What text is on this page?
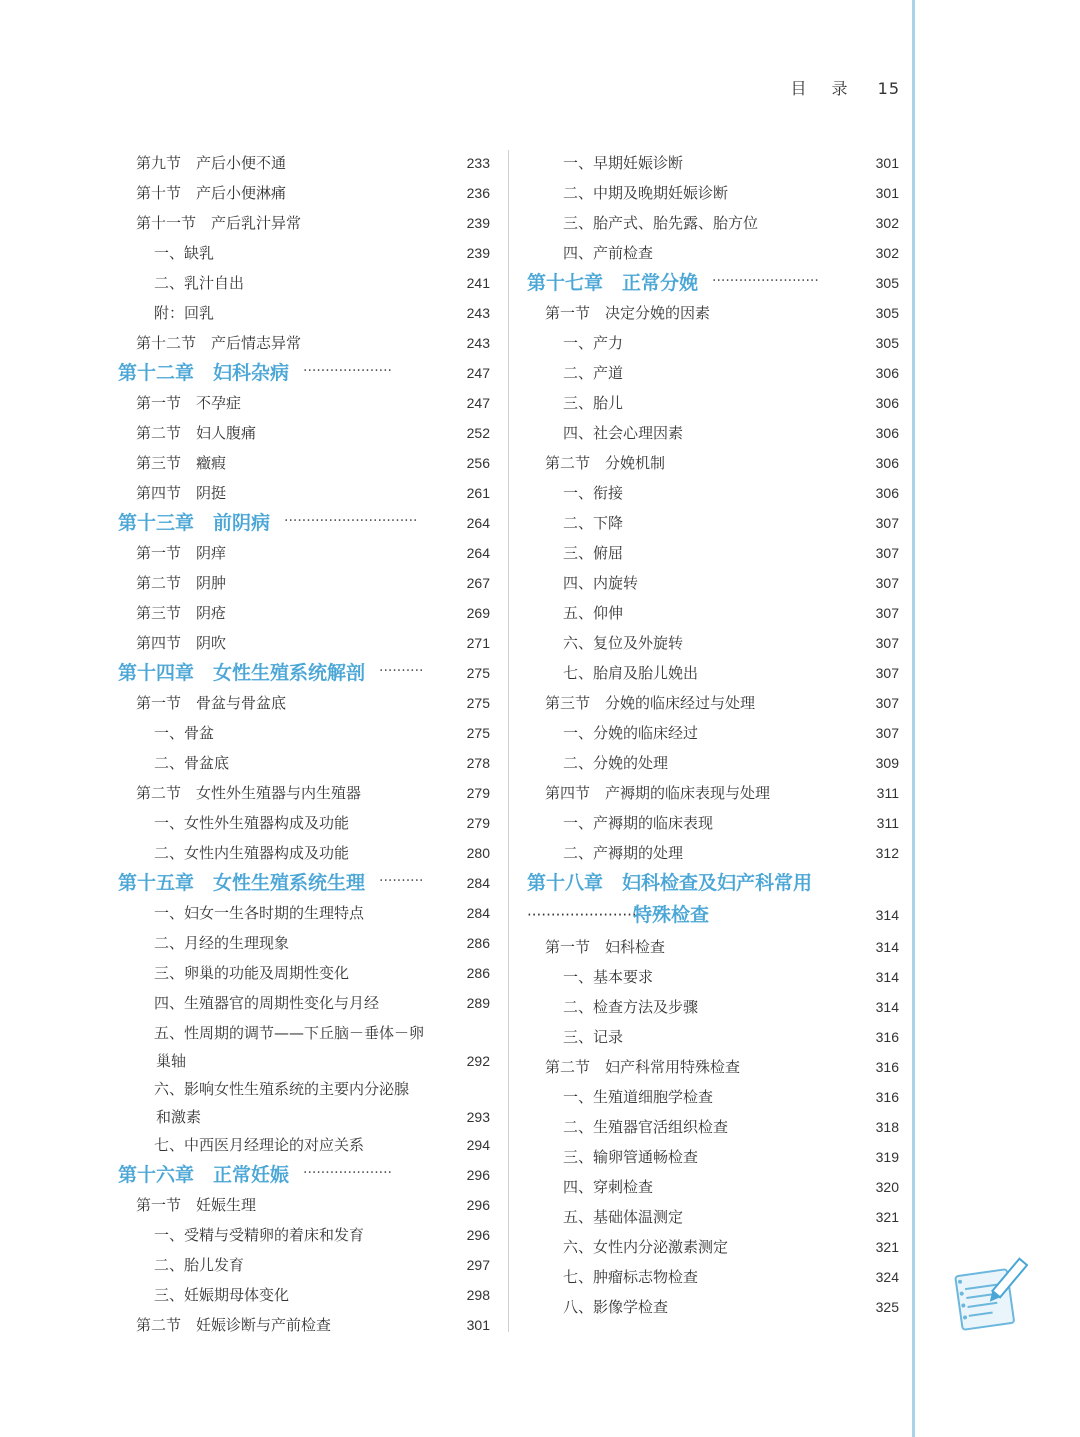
目 录 15
第九节　产后小便不通	233
第十节　产后小便淋痛	236
第十一节　产后乳汁异常	239
一、缺乳	239
二、乳汁自出	241
附：回乳	243
第十二节　产后情志异常	243
第十二章　妇科杂病 ····················	247
第一节　不孕症	247
第二节　妇人腹痛	252
第三节　癥瘕	256
第四节　阴挺	261
第十三章　前阴病 ······························	264
第一节　阴痒	264
第二节　阴肿	267
第三节　阴疮	269
第四节　阴吹	271
第十四章　女性生殖系统解剖 ··········	275
第一节　骨盆与骨盆底	275
一、骨盆	275
二、骨盆底	278
第二节　女性外生殖器与内生殖器	279
一、女性外生殖器构成及功能	279
二、女性内生殖器构成及功能	280
第十五章　女性生殖系统生理 ··········	284
一、妇女一生各时期的生理特点	284
二、月经的生理现象	286
三、卵巢的功能及周期性变化	286
四、生殖器官的周期性变化与月经	289
五、性周期的调节——下丘脑－垂体－卵
巢轴	292
六、影响女性生殖系统的主要内分泌腺
和激素	293
七、中西医月经理论的对应关系	294
第十六章　正常妊娠 ····················	296
第一节　妊娠生理	296
一、受精与受精卵的着床和发育	296
二、胎儿发育	297
三、妊娠期母体变化	298
第二节　妊娠诊断与产前检查	301
一、早期妊娠诊断	301
二、中期及晚期妊娠诊断	301
三、胎产式、胎先露、胎方位	302
四、产前检查	302
第十七章　正常分娩 ························	305
第一节　决定分娩的因素	305
一、产力	305
二、产道	306
三、胎儿	306
四、社会心理因素	306
第二节　分娩机制	306
一、衔接	306
二、下降	307
三、俯屈	307
四、内旋转	307
五、仰伸	307
六、复位及外旋转	307
七、胎肩及胎儿娩出	307
第三节　分娩的临床经过与处理	307
一、分娩的临床经过	307
二、分娩的处理	309
第四节　产褥期的临床表现与处理	311
一、产褥期的临床表现	311
二、产褥期的处理	312
第十八章　妇科检查及妇产科常用
特殊检查
························	314
第一节　妇科检查	314
一、基本要求	314
二、检查方法及步骤	314
三、记录	316
第二节　妇产科常用特殊检查	316
一、生殖道细胞学检查	316
二、生殖器官活组织检查	318
三、输卵管通畅检查	319
四、穿刺检查	320
五、基础体温测定	321
六、女性内分泌激素测定	321
七、肿瘤标志物检查	324
八、影像学检查	325
